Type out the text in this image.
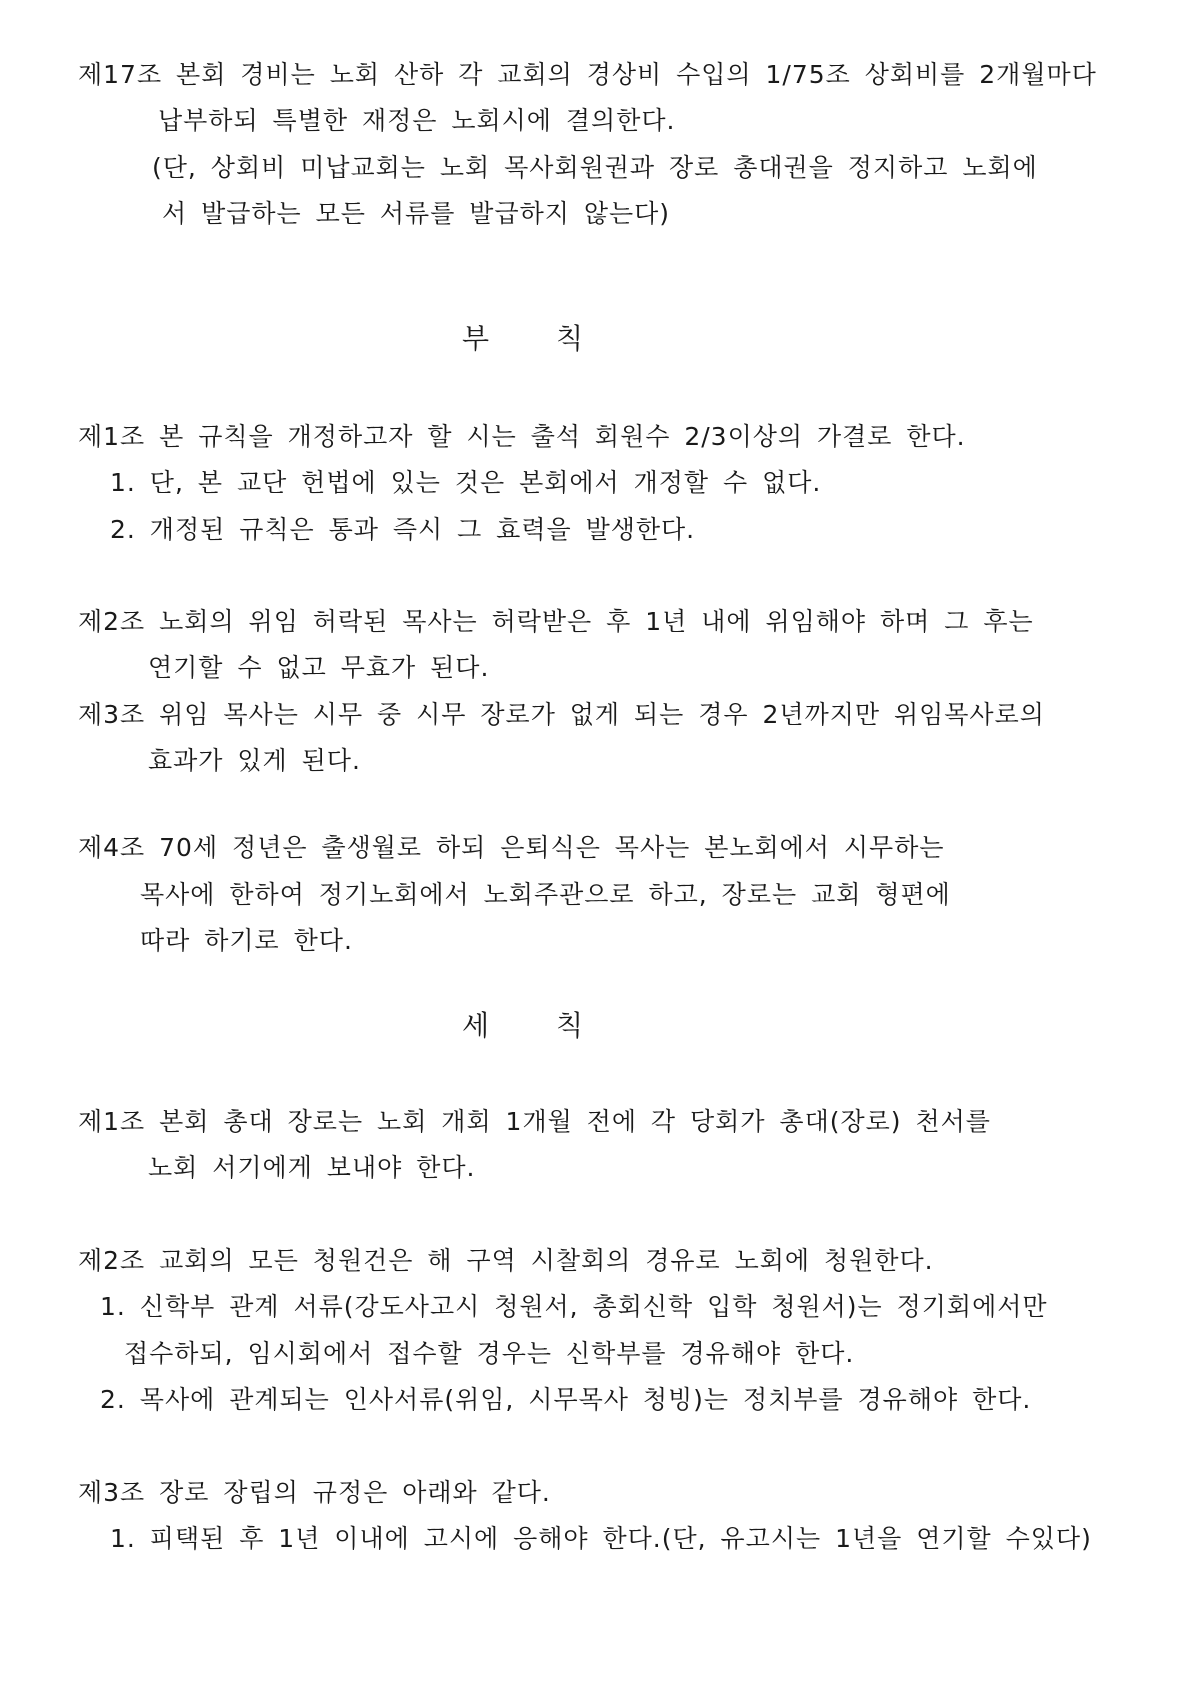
제17조 본회 경비는 노회 산하 각 교회의 경상비 수입의 1/75조 상회비를 2개월마다
납부하되 특별한 재정은 노회시에 결의한다.
(단, 상회비 미납교회는 노회 목사회원권과 장로 총대권을 정지하고 노회에
서 발급하는 모든 서류를 발급하지 않는다)
부 칙
제1조 본 규칙을 개정하고자 할 시는 출석 회원수 2/3이상의 가결로 한다.
1. 단, 본 교단 헌법에 있는 것은 본회에서 개정할 수 없다.
2. 개정된 규칙은 통과 즉시 그 효력을 발생한다.
제2조 노회의 위임 허락된 목사는 허락받은 후 1년 내에 위임해야 하며 그 후는
연기할 수 없고 무효가 된다.
제3조 위임 목사는 시무 중 시무 장로가 없게 되는 경우 2년까지만 위임목사로의
효과가 있게 된다.
제4조 70세 정년은 출생월로 하되 은퇴식은 목사는 본노회에서 시무하는
목사에 한하여 정기노회에서 노회주관으로 하고, 장로는 교회 형편에
따라 하기로 한다.
세 칙
제1조 본회 총대 장로는 노회 개회 1개월 전에 각 당회가 총대(장로) 천서를
노회 서기에게 보내야 한다.
제2조 교회의 모든 청원건은 해 구역 시찰회의 경유로 노회에 청원한다.
1. 신학부 관계 서류(강도사고시 청원서, 총회신학 입학 청원서)는 정기회에서만
접수하되, 임시회에서 접수할 경우는 신학부를 경유해야 한다.
2. 목사에 관계되는 인사서류(위임, 시무목사 청빙)는 정치부를 경유해야 한다.
제3조 장로 장립의 규정은 아래와 같다.
1. 피택된 후 1년 이내에 고시에 응해야 한다.(단, 유고시는 1년을 연기할 수있다)
